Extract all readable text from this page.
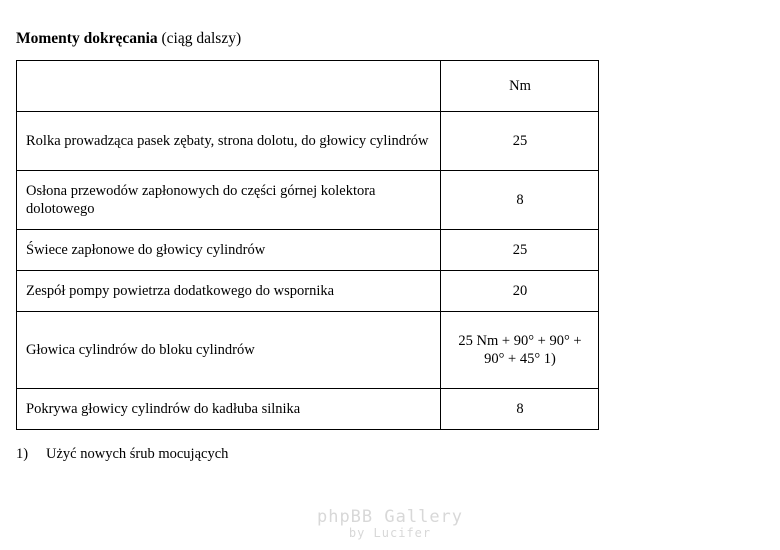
Momenty dokręcania (ciąg dalszy)
	Nm
Rolka prowadząca pasek zębaty, strona dolotu, do głowicy cylindrów	25
Osłona przewodów zapłonowych do części górnej kolektora dolotowego	8
Świece zapłonowe do głowicy cylindrów	25
Zespół pompy powietrza dodatkowego do wspornika	20
Głowica cylindrów do bloku cylindrów	25 Nm + 90° + 90° + 90° + 45° 1)
Pokrywa głowicy cylindrów do kadłuba silnika	8
1) Użyć nowych śrub mocujących
phpBB Gallery
by Lucifer
